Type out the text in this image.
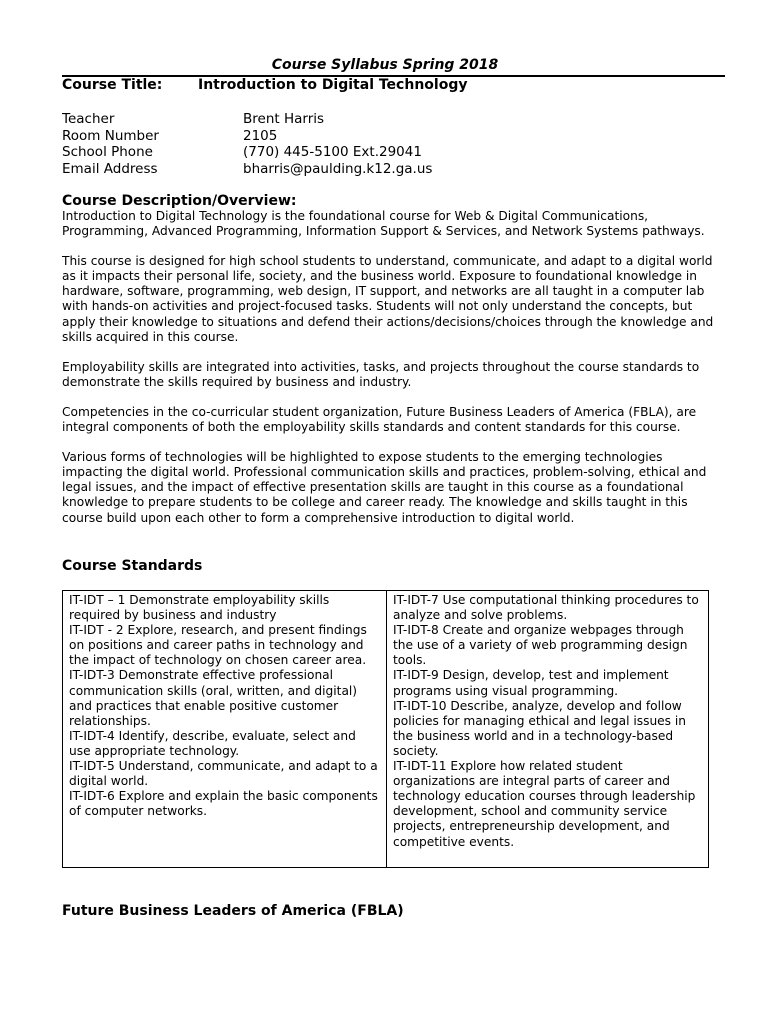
Course Syllabus Spring 2018
Course Title:	Introduction to Digital Technology
Teacher	Brent Harris
Room Number	2105
School Phone	(770) 445-5100 Ext.29041
Email Address	bharris@paulding.k12.ga.us
Course Description/Overview:

Introduction to Digital Technology is the foundational course for Web & Digital Communications, Programming, Advanced Programming, Information Support & Services, and Network Systems pathways.

This course is designed for high school students to understand, communicate, and adapt to a digital world as it impacts their personal life, society, and the business world. Exposure to foundational knowledge in hardware, software, programming, web design, IT support, and networks are all taught in a computer lab with hands-on activities and project-focused tasks. Students will not only understand the concepts, but apply their knowledge to situations and defend their actions/decisions/choices through the knowledge and skills acquired in this course.

Employability skills are integrated into activities, tasks, and projects throughout the course standards to demonstrate the skills required by business and industry.

Competencies in the co-curricular student organization, Future Business Leaders of America (FBLA), are integral components of both the employability skills standards and content standards for this course.

Various forms of technologies will be highlighted to expose students to the emerging technologies impacting the digital world. Professional communication skills and practices, problem-solving, ethical and legal issues, and the impact of effective presentation skills are taught in this course as a foundational knowledge to prepare students to be college and career ready. The knowledge and skills taught in this course build upon each other to form a comprehensive introduction to digital world.

Course Standards
IT-IDT – 1 Demonstrate employability skills required by business and industry
IT-IDT - 2 Explore, research, and present findings on positions and career paths in technology and the impact of technology on chosen career area.
IT-IDT-3 Demonstrate effective professional communication skills (oral, written, and digital) and practices that enable positive customer relationships.
IT-IDT-4 Identify, describe, evaluate, select and use appropriate technology.
IT-IDT-5 Understand, communicate, and adapt to a digital world.
IT-IDT-6 Explore and explain the basic components of computer networks.
IT-IDT-7 Use computational thinking procedures to analyze and solve problems.
IT-IDT-8 Create and organize webpages through the use of a variety of web programming design tools.
IT-IDT-9 Design, develop, test and implement programs using visual programming.
IT-IDT-10 Describe, analyze, develop and follow policies for managing ethical and legal issues in the business world and in a technology-based society.
IT-IDT-11 Explore how related student organizations are integral parts of career and technology education courses through leadership development, school and community service projects, entrepreneurship development, and competitive events.
Future Business Leaders of America (FBLA)
